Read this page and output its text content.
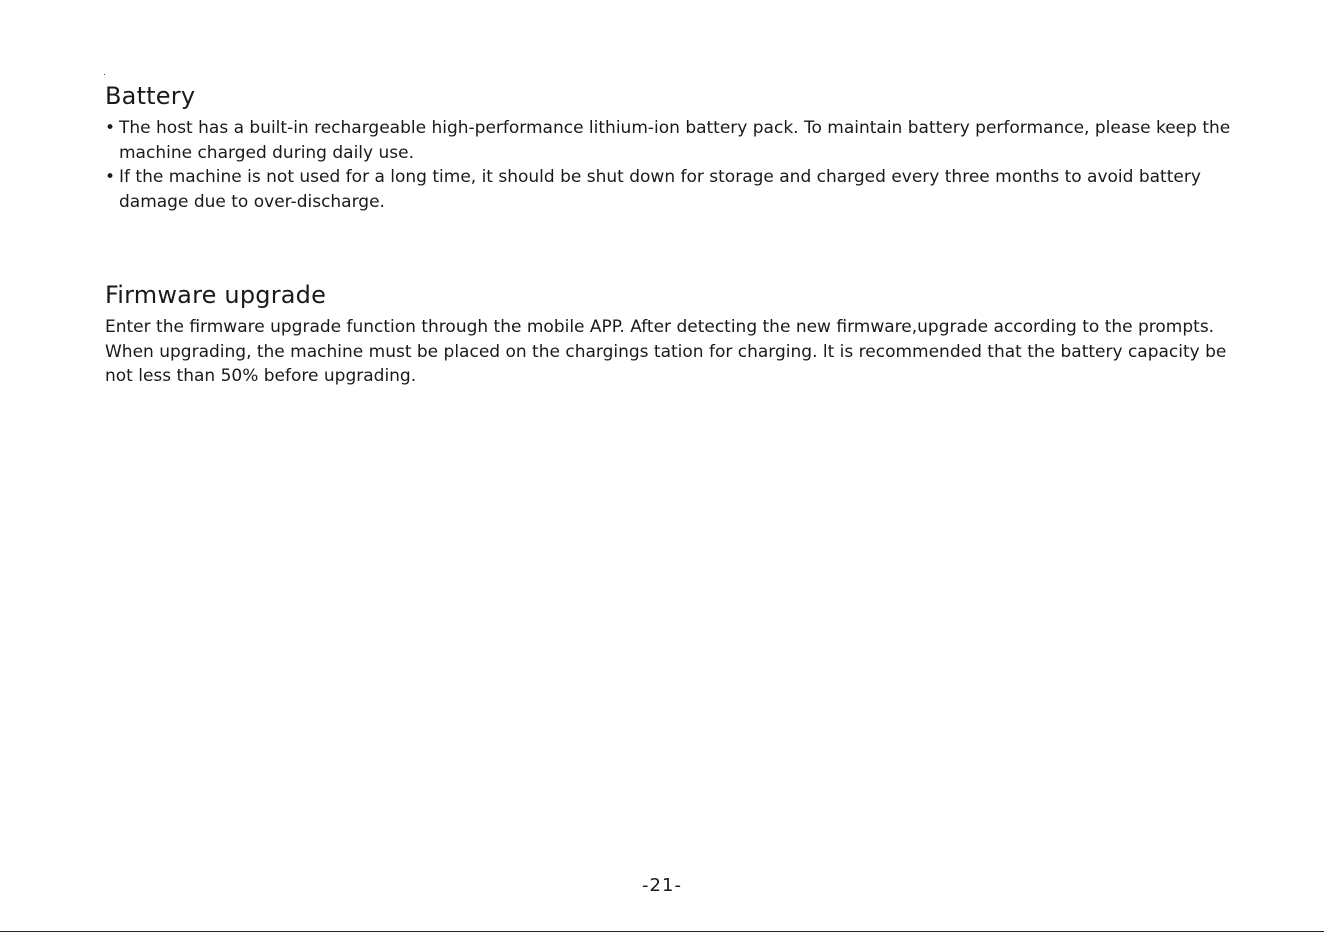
Battery
• The host has a built-in rechargeable high-performance lithium-ion battery pack. To maintain battery performance, please keep the machine charged during daily use.
• If the machine is not used for a long time, it should be shut down for storage and charged every three months to avoid battery damage due to over-discharge.
Firmware upgrade

Enter the firmware upgrade function through the mobile APP. After detecting the new firmware,upgrade according to the prompts. When upgrading, the machine must be placed on the chargings tation for charging. lt is recommended that the battery capacity be not less than 50% before upgrading.

-21-
